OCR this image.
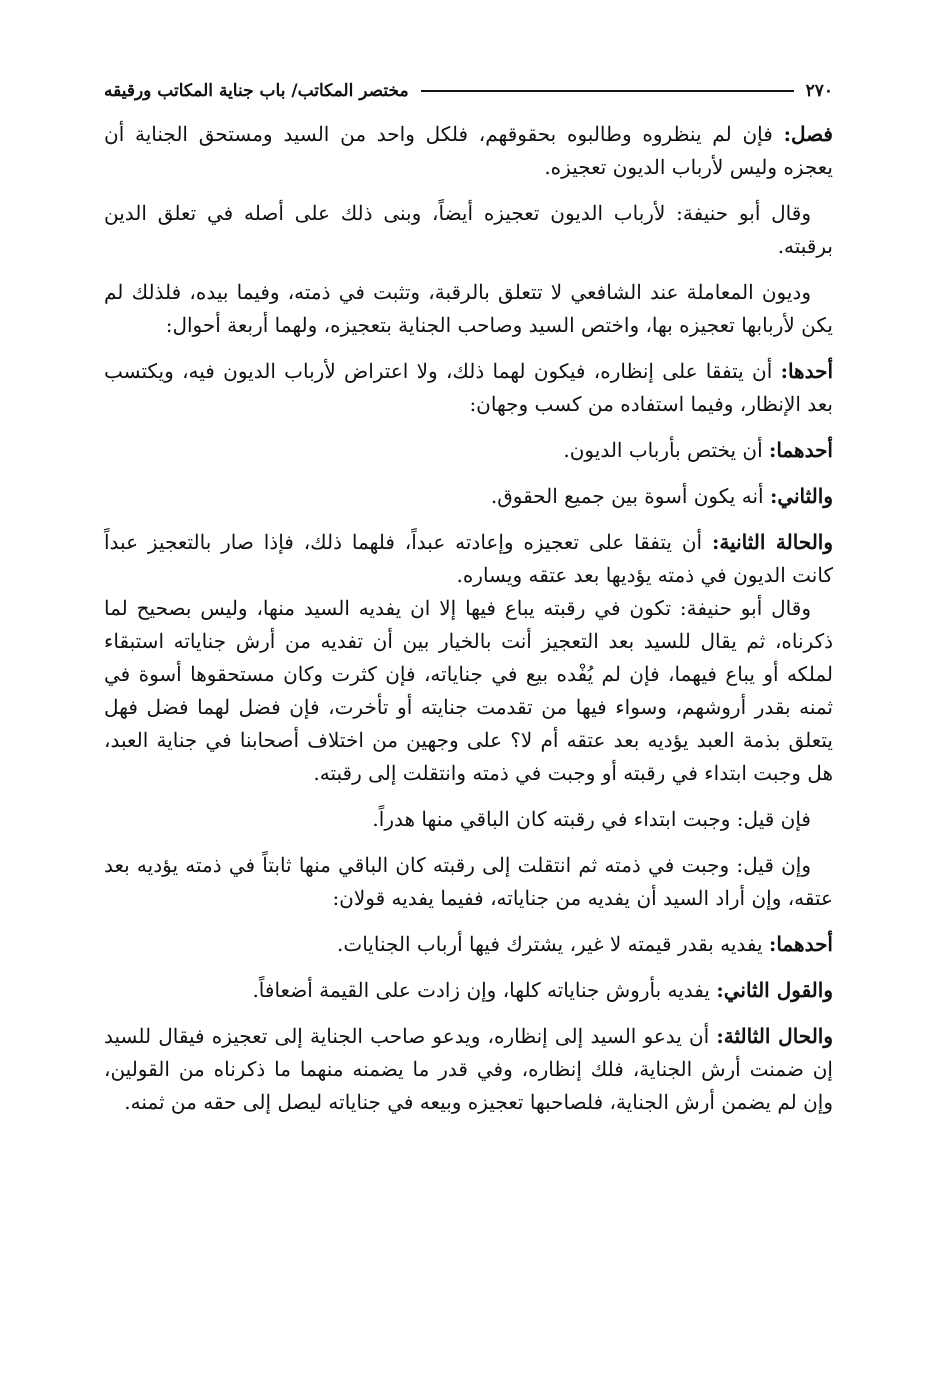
٢٧٠
مختصر المكاتب/ باب جناية المكاتب ورقيقه

فصل: فإن لم ينظروه وطالبوه بحقوقهم، فلكل واحد من السيد ومستحق الجناية أن يعجزه وليس لأرباب الديون تعجيزه.

وقال أبو حنيفة: لأرباب الديون تعجيزه أيضاً، وبنى ذلك على أصله في تعلق الدين برقبته.

وديون المعاملة عند الشافعي لا تتعلق بالرقبة، وتثبت في ذمته، وفيما بيده، فلذلك لم يكن لأربابها تعجيزه بها، واختص السيد وصاحب الجناية بتعجيزه، ولهما أربعة أحوال:

أحدها: أن يتفقا على إنظاره، فيكون لهما ذلك، ولا اعتراض لأرباب الديون فيه، ويكتسب بعد الإنظار، وفيما استفاده من كسب وجهان:

أحدهما: أن يختص بأرباب الديون.

والثاني: أنه يكون أسوة بين جميع الحقوق.

والحالة الثانية: أن يتفقا على تعجيزه وإعادته عبداً، فلهما ذلك، فإذا صار بالتعجيز عبداً كانت الديون في ذمته يؤديها بعد عتقه ويساره.

وقال أبو حنيفة: تكون في رقبته يباع فيها إلا ان يفديه السيد منها، وليس بصحيح لما ذكرناه، ثم يقال للسيد بعد التعجيز أنت بالخيار بين أن تفديه من أرش جناياته استبقاء لملكه أو يباع فيهما، فإن لم يُفْده بيع في جناياته، فإن كثرت وكان مستحقوها أسوة في ثمنه بقدر أروشهم، وسواء فيها من تقدمت جنايته أو تأخرت، فإن فضل لهما فضل فهل يتعلق بذمة العبد يؤديه بعد عتقه أم لا؟ على وجهين من اختلاف أصحابنا في جناية العبد، هل وجبت ابتداء في رقبته أو وجبت في ذمته وانتقلت إلى رقبته.

فإن قيل: وجبت ابتداء في رقبته كان الباقي منها هدراً.

وإن قيل: وجبت في ذمته ثم انتقلت إلى رقبته كان الباقي منها ثابتاً في ذمته يؤديه بعد عتقه، وإن أراد السيد أن يفديه من جناياته، ففيما يفديه قولان:

أحدهما: يفديه بقدر قيمته لا غير، يشترك فيها أرباب الجنايات.

والقول الثاني: يفديه بأروش جناياته كلها، وإن زادت على القيمة أضعافاً.

والحال الثالثة: أن يدعو السيد إلى إنظاره، ويدعو صاحب الجناية إلى تعجيزه فيقال للسيد إن ضمنت أرش الجناية، فلك إنظاره، وفي قدر ما يضمنه منهما ما ذكرناه من القولين، وإن لم يضمن أرش الجناية، فلصاحبها تعجيزه وبيعه في جناياته ليصل إلى حقه من ثمنه.
